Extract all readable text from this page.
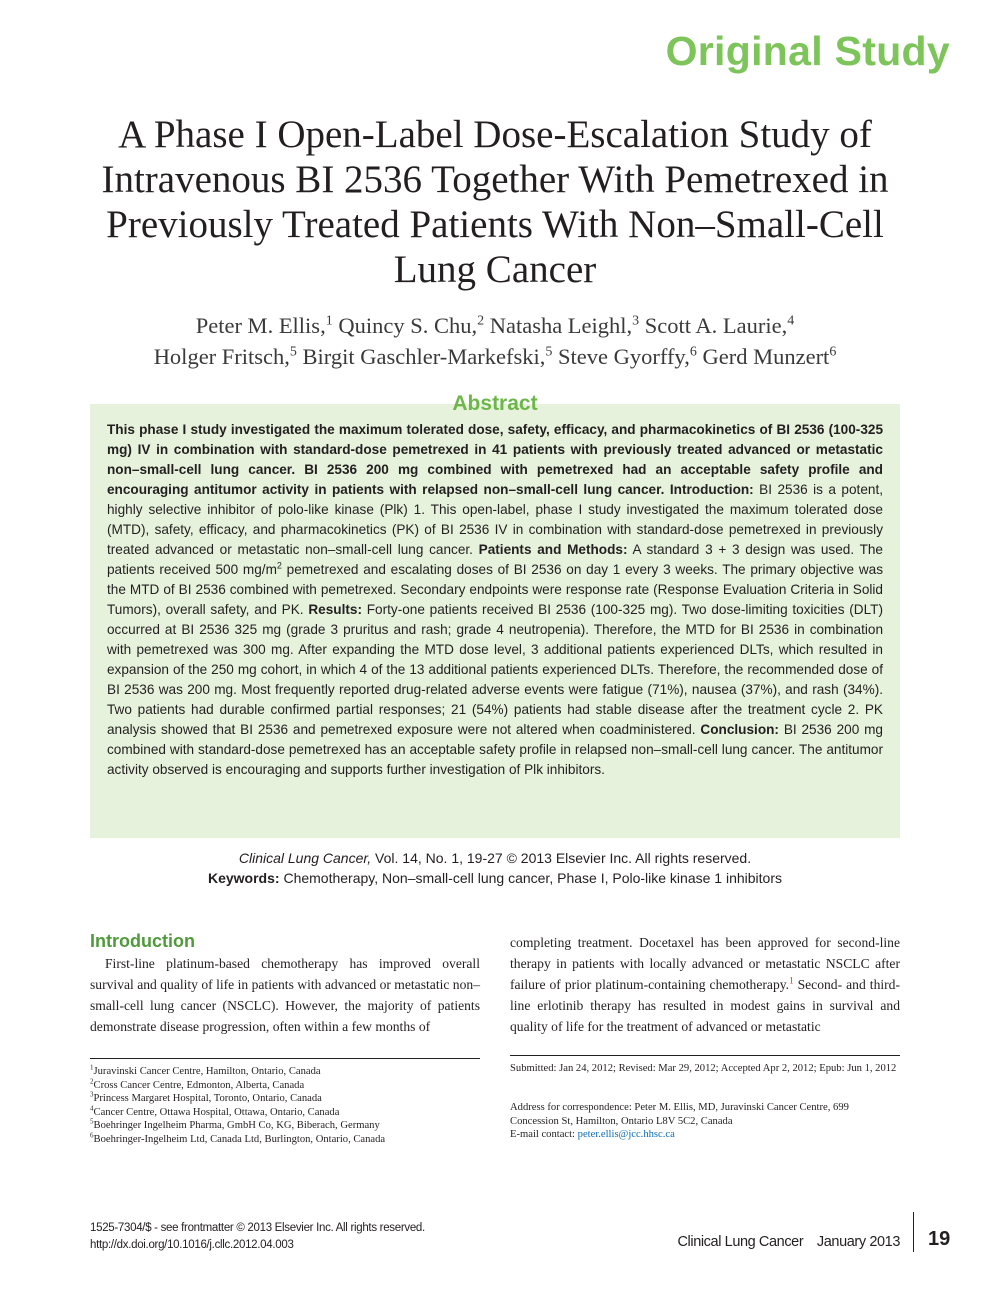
Original Study
A Phase I Open-Label Dose-Escalation Study of Intravenous BI 2536 Together With Pemetrexed in Previously Treated Patients With Non–Small-Cell Lung Cancer
Peter M. Ellis,$^1$ Quincy S. Chu,$^2$ Natasha Leighl,$^3$ Scott A. Laurie,$^4$
Holger Fritsch,$^5$ Birgit Gaschler-Markefski,$^5$ Steve Gyorffy,$^6$ Gerd Munzert$^6$
Abstract
This phase I study investigated the maximum tolerated dose, safety, efficacy, and pharmacokinetics of BI 2536 (100-325 mg) IV in combination with standard-dose pemetrexed in 41 patients with previously treated advanced or metastatic non–small-cell lung cancer. BI 2536 200 mg combined with pemetrexed had an acceptable safety profile and encouraging antitumor activity in patients with relapsed non–small-cell lung cancer. Introduction: BI 2536 is a potent, highly selective inhibitor of polo-like kinase (Plk) 1. This open-label, phase I study investigated the maximum tolerated dose (MTD), safety, efficacy, and pharmacokinetics (PK) of BI 2536 IV in combination with standard-dose pemetrexed in previously treated advanced or metastatic non–small-cell lung cancer. Patients and Methods: A standard 3 + 3 design was used. The patients received 500 $mg/m^2$ pemetrexed and escalating doses of BI 2536 on day 1 every 3 weeks. The primary objective was the MTD of BI 2536 combined with pemetrexed. Secondary endpoints were response rate (Response Evaluation Criteria in Solid Tumors), overall safety, and PK. Results: Forty-one patients received BI 2536 (100-325 mg). Two dose-limiting toxicities (DLT) occurred at BI 2536 325 mg (grade 3 pruritus and rash; grade 4 neutropenia). Therefore, the MTD for BI 2536 in combination with pemetrexed was 300 mg. After expanding the MTD dose level, 3 additional patients experienced DLTs, which resulted in expansion of the 250 mg cohort, in which 4 of the 13 additional patients experienced DLTs. Therefore, the recommended dose of BI 2536 was 200 mg. Most frequently reported drug-related adverse events were fatigue (71%), nausea (37%), and rash (34%). Two patients had durable confirmed partial responses; 21 (54%) patients had stable disease after the treatment cycle 2. PK analysis showed that BI 2536 and pemetrexed exposure were not altered when coadministered. Conclusion: BI 2536 200 mg combined with standard-dose pemetrexed has an acceptable safety profile in relapsed non–small-cell lung cancer. The antitumor activity observed is encouraging and supports further investigation of Plk inhibitors.
Clinical Lung Cancer, Vol. 14, No. 1, 19-27 © 2013 Elsevier Inc. All rights reserved.
Keywords: Chemotherapy, Non–small-cell lung cancer, Phase I, Polo-like kinase 1 inhibitors
Introduction
First-line platinum-based chemotherapy has improved overall survival and quality of life in patients with advanced or metastatic non–small-cell lung cancer (NSCLC). However, the majority of patients demonstrate disease progression, often within a few months of
completing treatment. Docetaxel has been approved for second-line therapy in patients with locally advanced or metastatic NSCLC after failure of prior platinum-containing chemotherapy.$^1$ Second- and third-line erlotinib therapy has resulted in modest gains in survival and quality of life for the treatment of advanced or metastatic
$^1$Juravinski Cancer Centre, Hamilton, Ontario, Canada
$^2$Cross Cancer Centre, Edmonton, Alberta, Canada
$^3$Princess Margaret Hospital, Toronto, Ontario, Canada
$^4$Cancer Centre, Ottawa Hospital, Ottawa, Ontario, Canada
$^5$Boehringer Ingelheim Pharma, GmbH Co, KG, Biberach, Germany
$^6$Boehringer-Ingelheim Ltd, Canada Ltd, Burlington, Ontario, Canada
Submitted: Jan 24, 2012; Revised: Mar 29, 2012; Accepted Apr 2, 2012; Epub: Jun 1, 2012
Address for correspondence: Peter M. Ellis, MD, Juravinski Cancer Centre, 699 Concession St, Hamilton, Ontario L8V 5C2, Canada
E-mail contact: peter.ellis@jcc.hhsc.ca
1525-7304/$ - see frontmatter © 2013 Elsevier Inc. All rights reserved.
http://dx.doi.org/10.1016/j.cllc.2012.04.003	Clinical Lung Cancer January 2013 19
